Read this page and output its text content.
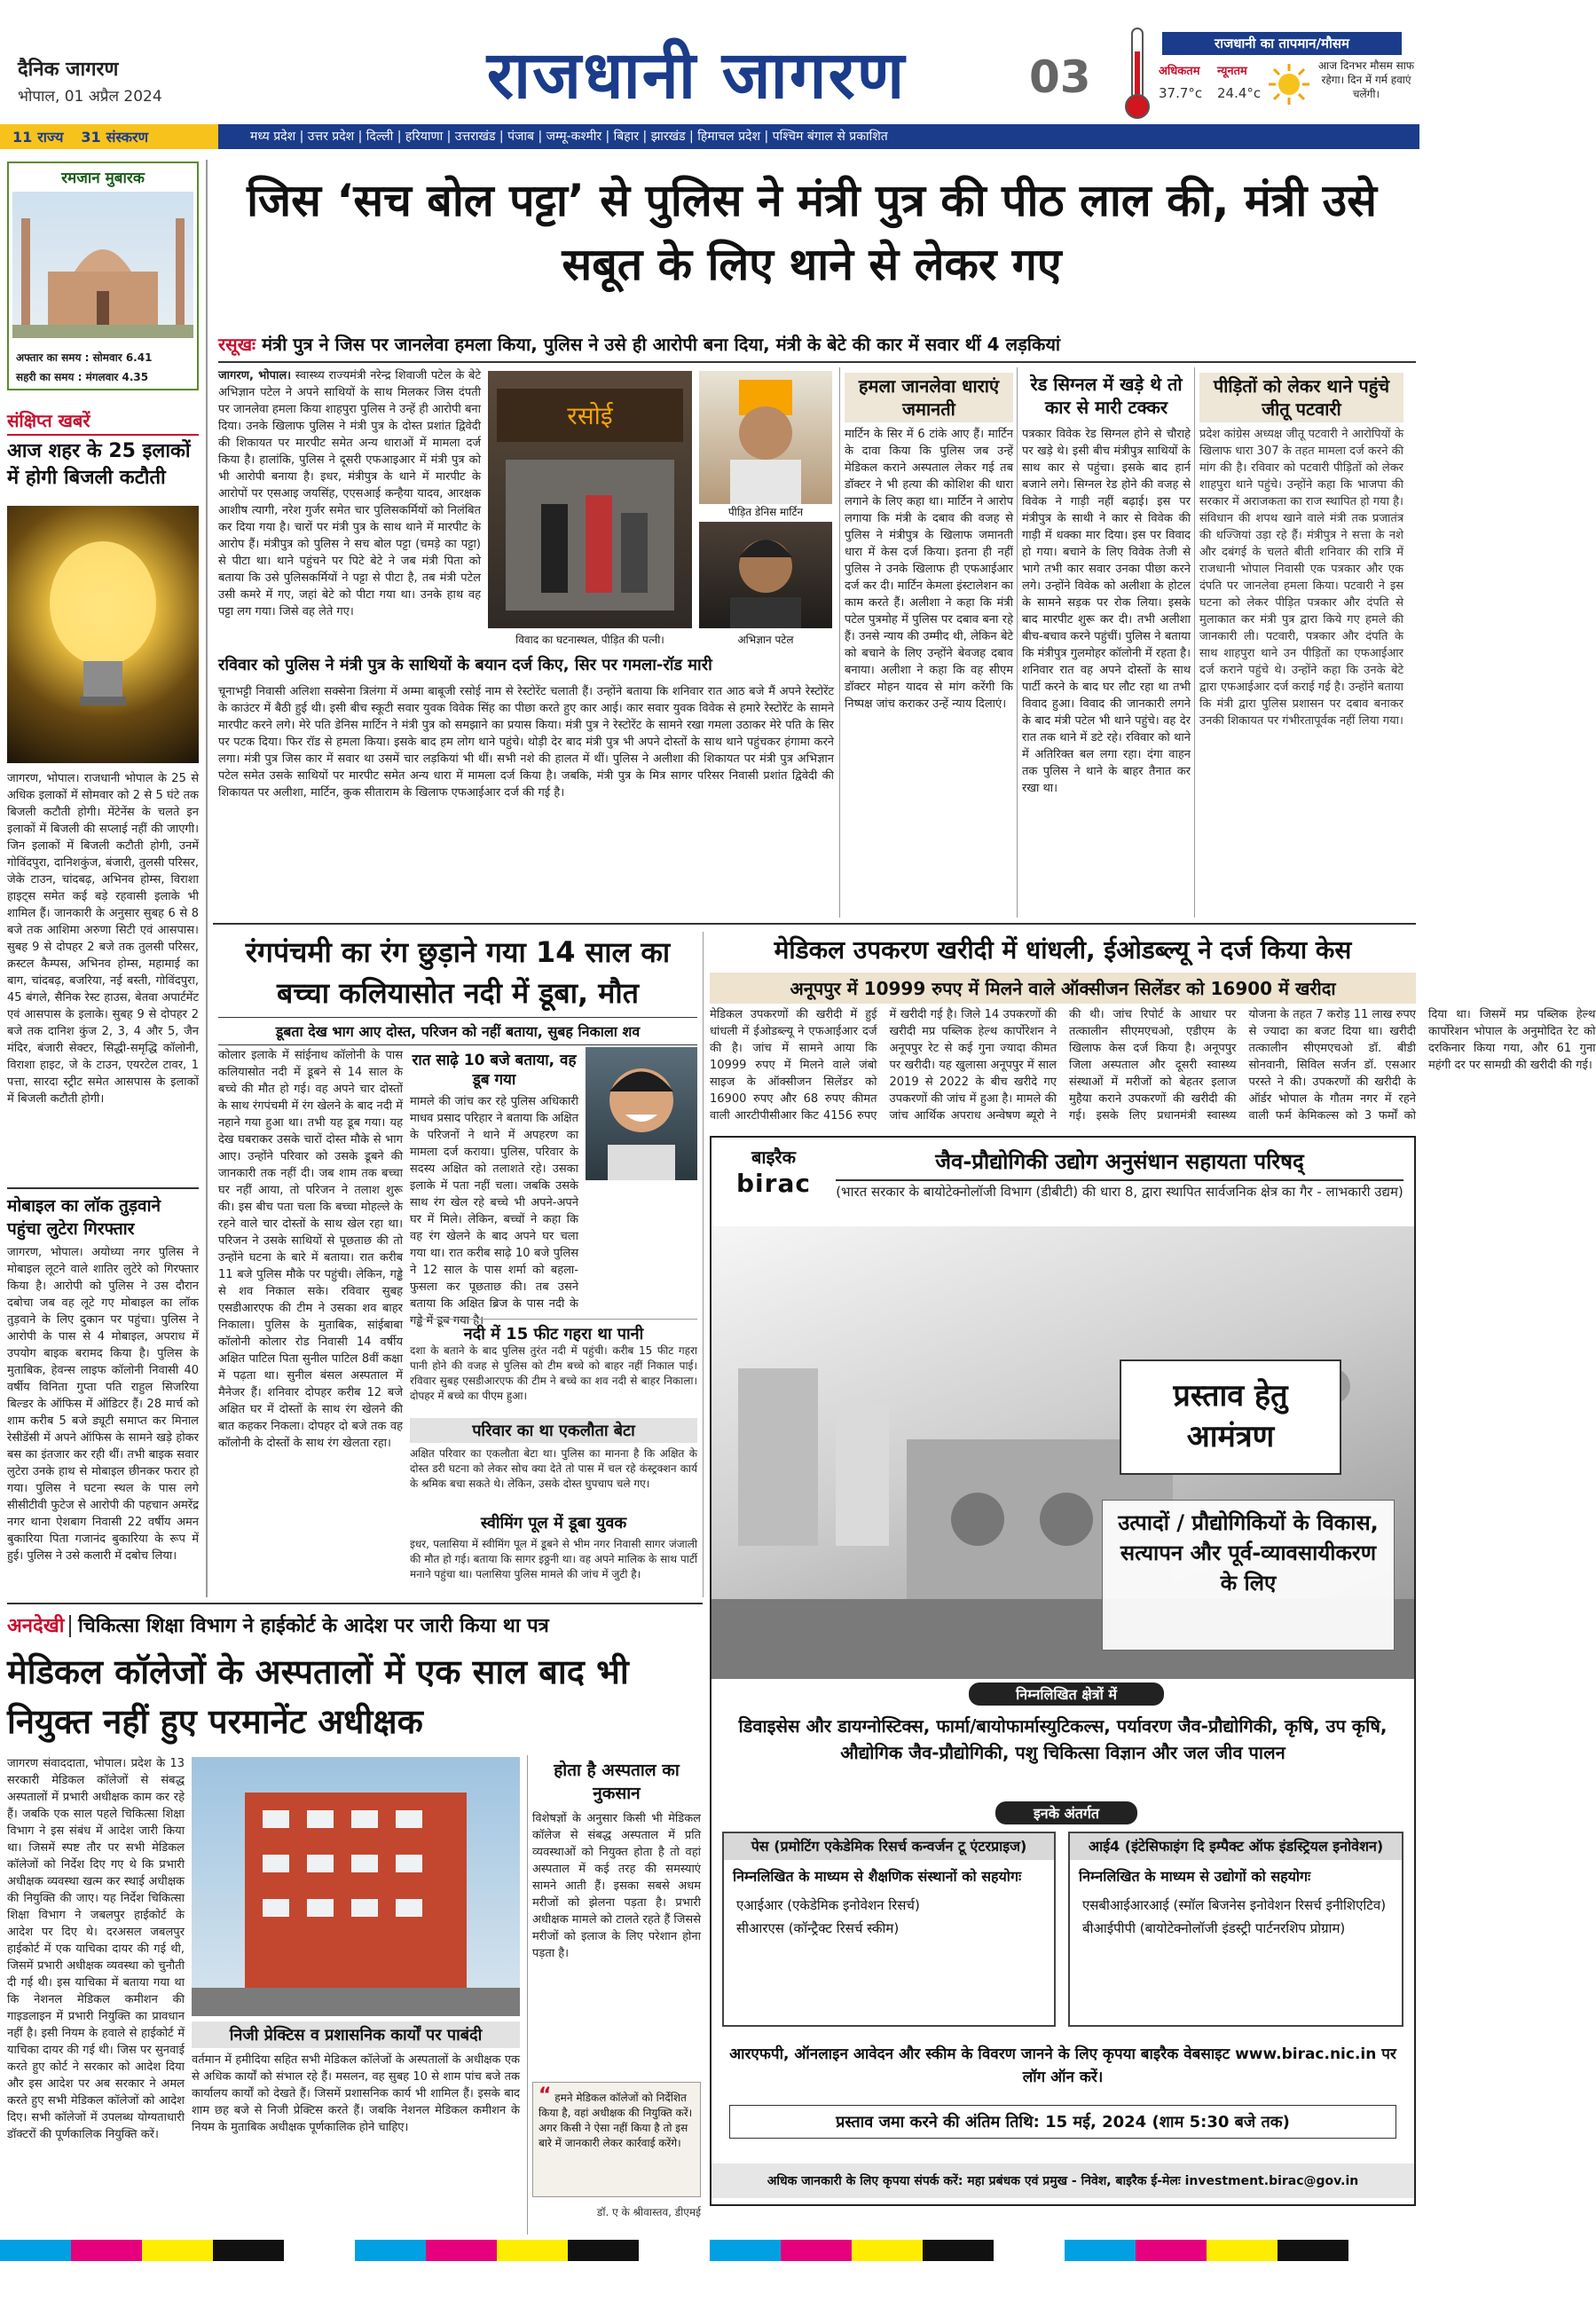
दैनिक जागरण
भोपाल, 01 अप्रैल 2024	राजधानी जागरण	03
राजधानी का तापमान/मौसम
अधिकतम न्यूनतम
37.7°c 24.4°c
आज दिनभर मौसम साफ रहेगा। दिन में गर्म हवाएं चलेंगी।
11 राज्य 31 संस्करण	मध्य प्रदेश | उत्तर प्रदेश | दिल्ली | हरियाणा | उत्तराखंड | पंजाब | जम्मू-कश्मीर | बिहार | झारखंड | हिमाचल प्रदेश | पश्चिम बंगाल से प्रकाशित
रमजान मुबारक
अफ्तार का समय : सोमवार 6.41
सहरी का समय : मंगलवार 4.35
संक्षिप्त खबरें
आज शहर के 25 इलाकों में होगी बिजली कटौती
जागरण, भोपाल। राजधानी भोपाल के 25 से अधिक इलाकों में सोमवार को 2 से 5 घंटे तक बिजली कटौती होगी। मेंटेनेंस के चलते इन इलाकों में बिजली की सप्लाई नहीं की जाएगी। जिन इलाकों में बिजली कटौती होगी, उनमें गोविंदपुरा, दानिशकुंज, बंजारी, तुलसी परिसर, जेके टाउन, चांदबढ़, अभिनव होम्स, विराशा हाइट्स समेत कई बड़े रहवासी इलाके भी शामिल हैं। जानकारी के अनुसार सुबह 6 से 8 बजे तक आशिमा अरुणा सिटी एवं आसपास। सुबह 9 से दोपहर 2 बजे तक तुलसी परिसर, क्रस्टल कैम्पस, अभिनव होम्स, महामाई का बाग, चांदबढ़, बजरिया, नई बस्ती, गोविंदपुरा, 45 बंगले, सैनिक रेस्ट हाउस, बेतवा अपार्टमेंट एवं आसपास के इलाके। सुबह 9 से दोपहर 2 बजे तक दानिश कुंज 2, 3, 4 और 5, जैन मंदिर, बंजारी सेक्टर, सिद्धी-समृद्धि कॉलोनी, विराशा हाइट, जे के टाउन, एयरटेल टावर, 1 पत्ता, सारदा स्ट्रीट समेत आसपास के इलाकों में बिजली कटौती होगी।
मोबाइल का लॉक तुड़वाने पहुंचा लुटेरा गिरफ्तार
जागरण, भोपाल। अयोध्या नगर पुलिस ने मोबाइल लूटने वाले शातिर लुटेरे को गिरफ्तार किया है। आरोपी को पुलिस ने उस दौरान दबोचा जब वह लूटे गए मोबाइल का लॉक तुड़वाने के लिए दुकान पर पहुंचा। पुलिस ने आरोपी के पास से 4 मोबाइल, अपराध में उपयोग बाइक बरामद किया है। पुलिस के मुताबिक, हेवन्स लाइफ कॉलोनी निवासी 40 वर्षीय विनिता गुप्ता पति राहुल सिजरिया बिल्डर के ऑफिस में ऑडिटर हैं। 28 मार्च को शाम करीब 5 बजे ड्यूटी समाप्त कर मिनाल रेसीडेंसी में अपने ऑफिस के सामने खड़े होकर बस का इंतजार कर रही थीं। तभी बाइक सवार लुटेरा उनके हाथ से मोबाइल छीनकर फरार हो गया। पुलिस ने घटना स्थल के पास लगे सीसीटीवी फुटेज से आरोपी की पहचान अमरेंद्र नगर थाना ऐशबाग निवासी 22 वर्षीय अमन बुकारिया पिता गजानंद बुकारिया के रूप में हुई। पुलिस ने उसे कलारी में दबोच लिया।
जिस ‘सच बोल पट्टा’ से पुलिस ने मंत्री पुत्र की पीठ लाल की, मंत्री उसे सबूत के लिए थाने से लेकर गए
रसूखः मंत्री पुत्र ने जिस पर जानलेवा हमला किया, पुलिस ने उसे ही आरोपी बना दिया, मंत्री के बेटे की कार में सवार थीं 4 लड़कियां
जागरण, भोपाल। स्वास्थ्य राज्यमंत्री नरेन्द्र शिवाजी पटेल के बेटे अभिज्ञान पटेल ने अपने साथियों के साथ मिलकर जिस दंपती पर जानलेवा हमला किया शाहपुरा पुलिस ने उन्हें ही आरोपी बना दिया। उनके खिलाफ पुलिस ने मंत्री पुत्र के दोस्त प्रशांत द्विवेदी की शिकायत पर मारपीट समेत अन्य धाराओं में मामला दर्ज किया है। हालांकि, पुलिस ने दूसरी एफआइआर में मंत्री पुत्र को भी आरोपी बनाया है। इधर, मंत्रीपुत्र के थाने में मारपीट के आरोपों पर एसआइ जयसिंह, एएसआई कन्हैया यादव, आरक्षक आशीष त्यागी, नरेश गुर्जर समेत चार पुलिसकर्मियों को निलंबित कर दिया गया है। चारों पर मंत्री पुत्र के साथ थाने में मारपीट के आरोप हैं। मंत्रीपुत्र को पुलिस ने सच बोल पट्टा (चमड़े का पट्टा) से पीटा था। थाने पहुंचने पर पिटे बेटे ने जब मंत्री पिता को बताया कि उसे पुलिसकर्मियों ने पट्टा से पीटा है, तब मंत्री पटेल उसी कमरे में गए, जहां बेटे को पीटा गया था। उनके हाथ वह पट्टा लग गया। जिसे वह लेते गए।
रसोई
पीड़ित डेनिस मार्टिन
विवाद का घटनास्थल, पीड़ित की पत्नी।	अभिज्ञान पटेल
रविवार को पुलिस ने मंत्री पुत्र के साथियों के बयान दर्ज किए, सिर पर गमला-रॉड मारी
चूनाभट्टी निवासी अलिशा सक्सेना त्रिलंगा में अम्मा बाबूजी रसोई नाम से रेस्टोरेंट चलाती हैं। उन्होंने बताया कि शनिवार रात आठ बजे मैं अपने रेस्टोरेंट के काउंटर में बैठी हुई थी। इसी बीच स्कूटी सवार युवक विवेक सिंह का पीछा करते हुए कार आई। कार सवार युवक विवेक से हमारे रेस्टोरेंट के सामने मारपीट करने लगे। मेरे पति डेनिस मार्टिन ने मंत्री पुत्र को समझाने का प्रयास किया। मंत्री पुत्र ने रेस्टोरेंट के सामने रखा गमला उठाकर मेरे पति के सिर पर पटक दिया। फिर रॉड से हमला किया। इसके बाद हम लोग थाने पहुंचे। थोड़ी देर बाद मंत्री पुत्र भी अपने दोस्तों के साथ थाने पहुंचकर हंगामा करने लगा। मंत्री पुत्र जिस कार में सवार था उसमें चार लड़कियां भी थीं। सभी नशे की हालत में थीं। पुलिस ने अलीशा की शिकायत पर मंत्री पुत्र अभिज्ञान पटेल समेत उसके साथियों पर मारपीट समेत अन्य धारा में मामला दर्ज किया है। जबकि, मंत्री पुत्र के मित्र सागर परिसर निवासी प्रशांत द्विवेदी की शिकायत पर अलीशा, मार्टिन, कुक सीताराम के खिलाफ एफआईआर दर्ज की गई है।
हमला जानलेवा धाराएं जमानती
मार्टिन के सिर में 6 टांके आए हैं। मार्टिन के दावा किया कि पुलिस जब उन्हें मेडिकल कराने अस्पताल लेकर गई तब डॉक्टर ने भी हत्या की कोशिश की धारा लगाने के लिए कहा था। मार्टिन ने आरोप लगाया कि मंत्री के दबाव की वजह से पुलिस ने मंत्रीपुत्र के खिलाफ जमानती धारा में केस दर्ज किया। इतना ही नहीं पुलिस ने उनके खिलाफ ही एफआईआर दर्ज कर दी। मार्टिन केमला इंस्टालेशन का काम करते हैं। अलीशा ने कहा कि मंत्री पटेल पुत्रमोह में पुलिस पर दबाव बना रहे हैं। उनसे न्याय की उम्मीद थी, लेकिन बेटे को बचाने के लिए उन्होंने बेवजह दबाव बनाया। अलीशा ने कहा कि वह सीएम डॉक्टर मोहन यादव से मांग करेंगी कि निष्पक्ष जांच कराकर उन्हें न्याय दिलाएं।
रेड सिग्नल में खड़े थे तो कार से मारी टक्कर
पत्रकार विवेक रेड सिग्नल होने से चौराहे पर खड़े थे। इसी बीच मंत्रीपुत्र साथियों के साथ कार से पहुंचा। इसके बाद हार्न बजाने लगे। सिग्नल रेड होने की वजह से विवेक ने गाड़ी नहीं बढ़ाई। इस पर मंत्रीपुत्र के साथी ने कार से विवेक की गाड़ी में धक्का मार दिया। इस पर विवाद हो गया। बचाने के लिए विवेक तेजी से भागे तभी कार सवार उनका पीछा करने लगे। उन्होंने विवेक को अलीशा के होटल के सामने सड़क पर रोक लिया। इसके बाद मारपीट शुरू कर दी। तभी अलीशा बीच-बचाव करने पहुंचीं। पुलिस ने बताया कि मंत्रीपुत्र गुलमोहर कॉलोनी में रहता है। शनिवार रात वह अपने दोस्तों के साथ पार्टी करने के बाद घर लौट रहा था तभी विवाद हुआ। विवाद की जानकारी लगने के बाद मंत्री पटेल भी थाने पहुंचे। वह देर रात तक थाने में डटे रहे। रविवार को थाने में अतिरिक्त बल लगा रहा। दंगा वाहन तक पुलिस ने थाने के बाहर तैनात कर रखा था।
पीड़ितों को लेकर थाने पहुंचे जीतू पटवारी
प्रदेश कांग्रेस अध्यक्ष जीतू पटवारी ने आरोपियों के खिलाफ धारा 307 के तहत मामला दर्ज करने की मांग की है। रविवार को पटवारी पीड़ितों को लेकर शाहपुरा थाने पहुंचे। उन्होंने कहा कि भाजपा की सरकार में अराजकता का राज स्थापित हो गया है। संविधान की शपथ खाने वाले मंत्री तक प्रजातंत्र की धज्जियां उड़ा रहे हैं। मंत्रीपुत्र ने सत्ता के नशे और दबंगई के चलते बीती शनिवार की रात्रि में राजधानी भोपाल निवासी एक पत्रकार और एक दंपति पर जानलेवा हमला किया। पटवारी ने इस घटना को लेकर पीड़ित पत्रकार और दंपति से मुलाकात कर मंत्री पुत्र द्वारा किये गए हमले की जानकारी ली। पटवारी, पत्रकार और दंपति के साथ शाहपुरा थाने उन पीड़ितों का एफआईआर दर्ज कराने पहुंचे थे। उन्होंने कहा कि उनके बेटे द्वारा एफआईआर दर्ज कराई गई है। उन्होंने बताया कि मंत्री द्वारा पुलिस प्रशासन पर दबाव बनाकर उनकी शिकायत पर गंभीरतापूर्वक नहीं लिया गया।
रंगपंचमी का रंग छुड़ाने गया 14 साल का बच्चा कलियासोत नदी में डूबा, मौत
डूबता देख भाग आए दोस्त, परिजन को नहीं बताया, सुबह निकाला शव
कोलार इलाके में सांईनाथ कॉलोनी के पास कलियासोत नदी में डूबने से 14 साल के बच्चे की मौत हो गई। वह अपने चार दोस्तों के साथ रंगपंचमी में रंग खेलने के बाद नदी में नहाने गया हुआ था। तभी यह डूब गया। यह देख घबराकर उसके चारों दोस्त मौके से भाग आए। उन्होंने परिवार को उसके डूबने की जानकारी तक नहीं दी। जब शाम तक बच्चा घर नहीं आया, तो परिजन ने तलाश शुरू की। इस बीच पता चला कि बच्चा मोहल्ले के रहने वाले चार दोस्तों के साथ खेल रहा था। परिजन ने उसके साथियों से पूछताछ की तो उन्होंने घटना के बारे में बताया। रात करीब 11 बजे पुलिस मौके पर पहुंची। लेकिन, गड्ढे से शव निकाल सके। रविवार सुबह एसडीआरएफ की टीम ने उसका शव बाहर निकाला। पुलिस के मुताबिक, सांईबाबा कॉलोनी कोलार रोड निवासी 14 वर्षीय अक्षित पाटिल पिता सुनील पाटिल 8वीं कक्षा में पढ़ता था। सुनील बंसल अस्पताल में मैनेजर हैं। शनिवार दोपहर करीब 12 बजे अक्षित घर में दोस्तों के साथ रंग खेलने की बात कहकर निकला। दोपहर दो बजे तक वह कॉलोनी के दोस्तों के साथ रंग खेलता रहा।
रात साढ़े 10 बजे बताया, वह डूब गया
मामले की जांच कर रहे पुलिस अधिकारी माधव प्रसाद परिहार ने बताया कि अक्षित के परिजनों ने थाने में अपहरण का मामला दर्ज कराया। पुलिस, परिवार के सदस्य अक्षित को तलाशते रहे। उसका इलाके में पता नहीं चला। जबकि उसके साथ रंग खेल रहे बच्चे भी अपने-अपने घर में मिले। लेकिन, बच्चों ने कहा कि वह रंग खेलने के बाद अपने घर चला गया था। रात करीब साढ़े 10 बजे पुलिस ने 12 साल के पास शर्मा को बहला-फुसला कर पूछताछ की। तब उसने बताया कि अक्षित ब्रिज के पास नदी के गड्ढे में डूब गया है।
नदी में 15 फीट गहरा था पानी
दशा के बताने के बाद पुलिस तुरंत नदी में पहुंची। करीब 15 फीट गहरा पानी होने की वजह से पुलिस को टीम बच्चे को बाहर नहीं निकाल पाई। रविवार सुबह एसडीआरएफ की टीम ने बच्चे का शव नदी से बाहर निकाला। दोपहर में बच्चे का पीएम हुआ।
परिवार का था एकलौता बेटा
अक्षित परिवार का एकलौता बेटा था। पुलिस का मानना है कि अक्षित के दोस्त डरी घटना को लेकर सोच क्या देते तो पास में चल रहे कंस्ट्रक्शन कार्य के श्रमिक बचा सकते थे। लेकिन, उसके दोस्त घुपचाप चले गए।
स्वीमिंग पूल में डूबा युवक
इधर, पलासिया में स्वीमिंग पूल में डूबने से भीम नगर निवासी सागर जंजाली की मौत हो गई। बताया कि सागर इठ्ठनी था। वह अपने मालिक के साथ पार्टी मनाने पहुंचा था। पलासिया पुलिस मामले की जांच में जुटी है।
मेडिकल उपकरण खरीदी में धांधली, ईओडब्ल्यू ने दर्ज किया केस
अनूपपुर में 10999 रुपए में मिलने वाले ऑक्सीजन सिलेंडर को 16900 में खरीदा
मेडिकल उपकरणों की खरीदी में हुई धांधली में ईओडब्ल्यू ने एफआईआर दर्ज की है। जांच में सामने आया कि 10999 रुपए में मिलने वाले जंबो साइज के ऑक्सीजन सिलेंडर को 16900 रुपए और 68 रुपए कीमत वाली आरटीपीसीआर किट 4156 रुपए में खरीदी गई है। जिले 14 उपकरणों की खरीदी मप्र पब्लिक हेल्थ कार्पोरेशन ने अनूपपुर रेट से कई गुना ज्यादा कीमत पर खरीदी। यह खुलासा अनूपपुर में साल 2019 से 2022 के बीच खरीदे गए उपकरणों की जांच में हुआ है। मामले की जांच आर्थिक अपराध अन्वेषण ब्यूरो ने की थी। जांच रिपोर्ट के आधार पर तत्कालीन सीएमएचओ, एडीएम के खिलाफ केस दर्ज किया है। अनूपपुर जिला अस्पताल और दूसरी स्वास्थ्य संस्थाओं में मरीजों को बेहतर इलाज मुहैया कराने उपकरणों की खरीदी की गई। इसके लिए प्रधानमंत्री स्वास्थ्य योजना के तहत 7 करोड़ 11 लाख रुपए से ज्यादा का बजट दिया था। खरीदी तत्कालीन सीएमएचओ डॉ. बीडी सोनवानी, सिविल सर्जन डॉ. एसआर परस्ते ने की। उपकरणों की खरीदी के ऑर्डर भोपाल के गौतम नगर में रहने वाली फर्म केमिकल्स को 3 फर्मों को दिया था। जिसमें मप्र पब्लिक हेल्थ कार्पोरेशन भोपाल के अनुमोदित रेट को दरकिनार किया गया, और 61 गुना महंगी दर पर सामग्री की खरीदी की गई।
बाइरैक
birac
जैव-प्रौद्योगिकी उद्योग अनुसंधान सहायता परिषद्
(भारत सरकार के बायोटेक्नोलॉजी विभाग (डीबीटी) की धारा 8, द्वारा स्थापित सार्वजनिक क्षेत्र का गैर - लाभकारी उद्यम)
प्रस्ताव हेतु
आमंत्रण
उत्पादों / प्रौद्योगिकियों के विकास, सत्यापन और पूर्व-व्यावसायीकरण के लिए
निम्नलिखित क्षेत्रों में
डिवाइसेस और डायग्नोस्टिक्स, फार्मा/बायोफार्मास्युटिकल्स, पर्यावरण जैव-प्रौद्योगिकी, कृषि, उप कृषि, औद्योगिक जैव-प्रौद्योगिकी, पशु चिकित्सा विज्ञान और जल जीव पालन
इनके अंतर्गत
पेस (प्रमोटिंग एकेडेमिक रिसर्च कन्वर्जन टू एंटरप्राइज)
निम्नलिखित के माध्यम से शैक्षणिक संस्थानों को सहयोगः
एआईआर (एकेडेमिक इनोवेशन रिसर्च)
सीआरएस (कॉन्ट्रैक्ट रिसर्च स्कीम)
आई4 (इंटेसिफाइंग दि इम्पैक्ट ऑफ इंडस्ट्रियल इनोवेशन)
निम्नलिखित के माध्यम से उद्योगों को सहयोगः
एसबीआईआरआई (स्मॉल बिजनेस इनोवेशन रिसर्च इनीशिएटिव)
बीआईपीपी (बायोटेक्नोलॉजी इंडस्ट्री पार्टनरशिप प्रोग्राम)
आरएफपी, ऑनलाइन आवेदन और स्कीम के विवरण जानने के लिए कृपया बाइरैक वेबसाइट www.birac.nic.in पर लॉग ऑन करें।
प्रस्ताव जमा करने की अंतिम तिथि: 15 मई, 2024 (शाम 5:30 बजे तक)
अधिक जानकारी के लिए कृपया संपर्क करें: महा प्रबंधक एवं प्रमुख - निवेश, बाइरैक ई-मेलः investment.birac@gov.in
अनदेखी चिकित्सा शिक्षा विभाग ने हाईकोर्ट के आदेश पर जारी किया था पत्र
मेडिकल कॉलेजों के अस्पतालों में एक साल बाद भी नियुक्त नहीं हुए परमानेंट अधीक्षक
जागरण संवाददाता, भोपाल। प्रदेश के 13 सरकारी मेडिकल कॉलेजों से संबद्ध अस्पतालों में प्रभारी अधीक्षक काम कर रहे हैं। जबकि एक साल पहले चिकित्सा शिक्षा विभाग ने इस संबंध में आदेश जारी किया था। जिसमें स्पष्ट तौर पर सभी मेडिकल कॉलेजों को निर्देश दिए गए थे कि प्रभारी अधीक्षक व्यवस्था खत्म कर स्थाई अधीक्षक की नियुक्ति की जाए। यह निर्देश चिकित्सा शिक्षा विभाग ने जबलपुर हाईकोर्ट के आदेश पर दिए थे। दरअसल जबलपुर हाईकोर्ट में एक याचिका दायर की गई थी, जिसमें प्रभारी अधीक्षक व्यवस्था को चुनौती दी गई थी। इस याचिका में बताया गया था कि नेशनल मेडिकल कमीशन की गाइडलाइन में प्रभारी नियुक्ति का प्रावधान नहीं है। इसी नियम के हवाले से हाईकोर्ट में याचिका दायर की गई थी। जिस पर सुनवाई करते हुए कोर्ट ने सरकार को आदेश दिया और इस आदेश पर अब सरकार ने अमल करते हुए सभी मेडिकल कॉलेजों को आदेश दिए। सभी कॉलेजों में उपलब्ध योग्यताधारी डॉक्टरों की पूर्णकालिक नियुक्ति करें।
निजी प्रेक्टिस व प्रशासनिक कार्यों पर पाबंदी
वर्तमान में हमीदिया सहित सभी मेडिकल कॉलेजों के अस्पतालों के अधीक्षक एक से अधिक कार्यों को संभाल रहे हैं। मसलन, वह सुबह 10 से शाम पांच बजे तक कार्यालय कार्यों को देखते हैं। जिसमें प्रशासनिक कार्य भी शामिल हैं। इसके बाद शाम छह बजे से निजी प्रेक्टिस करते हैं। जबकि नेशनल मेडिकल कमीशन के नियम के मुताबिक अधीक्षक पूर्णकालिक होने चाहिए।
होता है अस्पताल का नुकसान
विशेषज्ञों के अनुसार किसी भी मेडिकल कॉलेज से संबद्ध अस्पताल में प्रति व्यवस्थाओं को नियुक्त होता है तो वहां अस्पताल में कई तरह की समस्याएं सामने आती हैं। इसका सबसे अधम मरीजों को झेलना पड़ता है। प्रभारी अधीक्षक मामले को टालते रहते हैं जिससे मरीजों को इलाज के लिए परेशान होना पड़ता है।
“ हमने मेडिकल कॉलेजों को निर्देशित किया है, वहां अधीक्षक की नियुक्ति करें। अगर किसी ने ऐसा नहीं किया है तो इस बारे में जानकारी लेकर कार्रवाई करेंगे।
डॉ. ए के श्रीवास्तव, डीएमई
